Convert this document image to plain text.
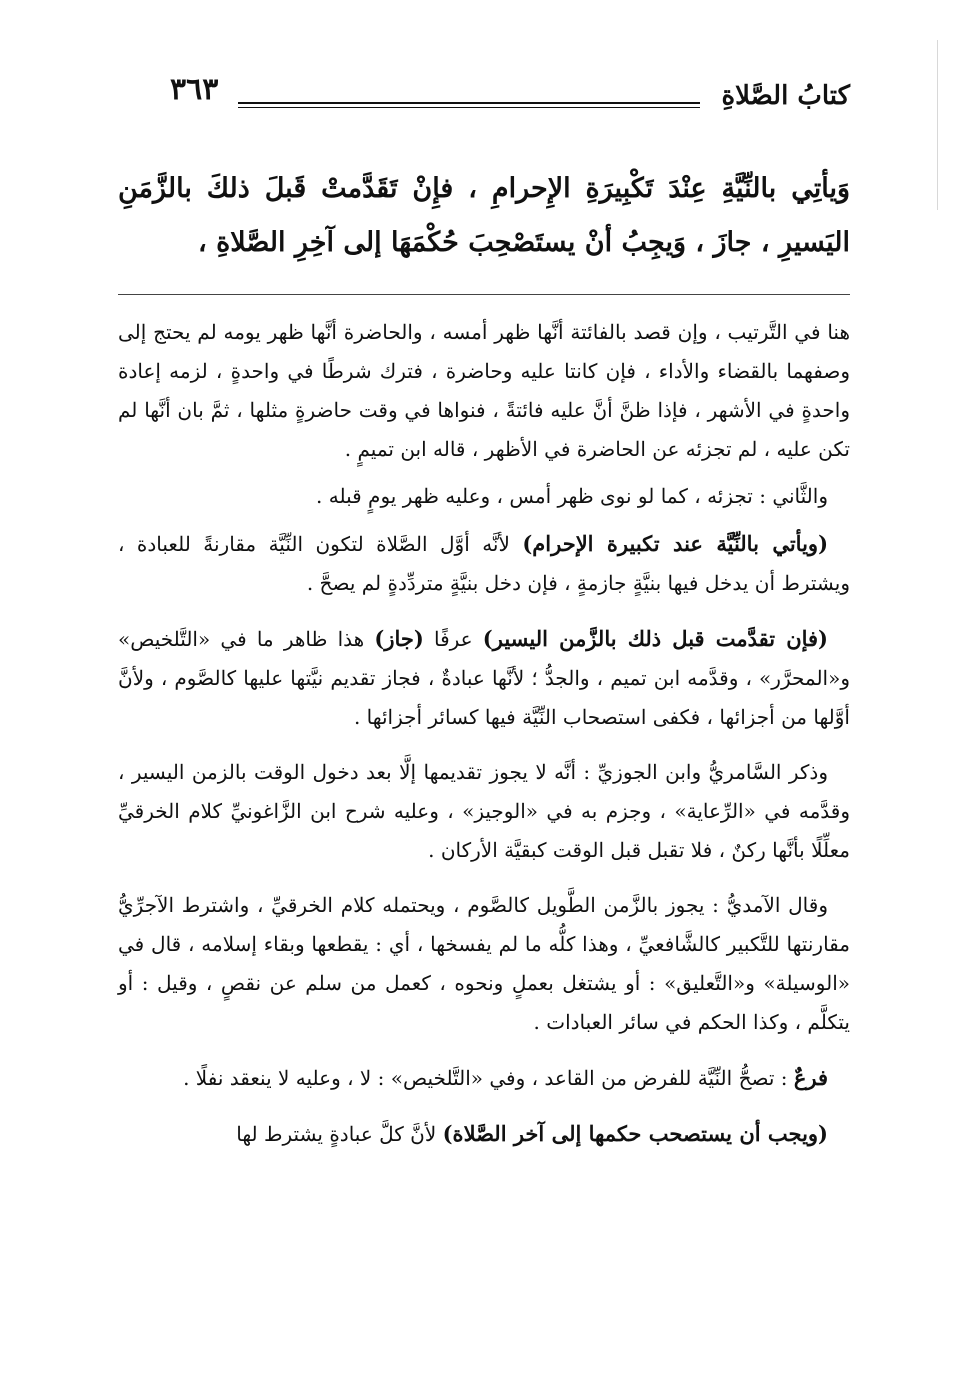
كتابُ الصَّلاةِ
٣٦٣
وَيأتِي بالنِّيَّةِ عِنْدَ تَكْبِيرَةِ الإِحرامِ ، فإِنْ تَقَدَّمتْ قَبلَ ذلكَ بالزَّمَنِ اليَسيرِ ، جازَ ، وَيجِبُ أنْ يستَصْحِبَ حُكْمَهَا إلى آخِرِ الصَّلاةِ ،

هنا في التَّرتيب ، وإن قصد بالفائتة أنَّها ظهر أمسه ، والحاضرة أنَّها ظهر يومه لم يحتج إلى وصفهما بالقضاء والأداء ، فإن كانتا عليه وحاضرة ، فترك شرطًا في واحدةٍ ، لزمه إعادة واحدةٍ في الأشهر ، فإذا ظنَّ أنَّ عليه فائتةً ، فنواها في وقت حاضرةٍ مثلها ، ثمَّ بان أنَّها لم تكن عليه ، لم تجزئه عن الحاضرة في الأظهر ، قاله ابن تميمٍ .

والثَّاني : تجزئه ، كما لو نوى ظهر أمس ، وعليه ظهر يومٍ قبله .

(ويأتي بالنِّيَّة عند تكبيرة الإحرام) لأنَّه أوَّل الصَّلاة لتكون النِّيَّة مقارنةً للعبادة ، ويشترط أن يدخل فيها بنيَّةٍ جازمةٍ ، فإن دخل بنيَّةٍ متردِّدةٍ لم يصحَّ .

(فإن تقدَّمت قبل ذلك بالزَّمن اليسير) عرفًا (جاز) هذا ظاهر ما في «التَّلخيص» و«المحرَّر» ، وقدَّمه ابن تميم ، والجدُّ ؛ لأنَّها عبادةٌ ، فجاز تقديم نيَّتها عليها كالصَّوم ، ولأنَّ أوَّلها من أجزائها ، فكفى استصحاب النِّيَّة فيها كسائر أجزائها .

وذكر السَّامريُّ وابن الجوزيِّ : أنَّه لا يجوز تقديمها إلَّا بعد دخول الوقت بالزمن اليسير ، وقدَّمه في «الرِّعاية» ، وجزم به في «الوجيز» ، وعليه شرح ابن الزَّاغونيِّ كلام الخرقيِّ معلِّلًا بأنَّها ركنٌ ، فلا تقبل قبل الوقت كبقيَّة الأركان .

وقال الآمديُّ : يجوز بالزَّمن الطَّويل كالصَّوم ، ويحتمله كلام الخرقيِّ ، واشترط الآجرِّيُّ مقارنتها للتَّكبير كالشَّافعيِّ ، وهذا كلُّه ما لم يفسخها ، أي : يقطعها وبقاء إسلامه ، قال في «الوسيلة» و«التَّعليق» : أو يشتغل بعملٍ ونحوه ، كعمل من سلم عن نقصٍ ، وقيل : أو يتكلَّم ، وكذا الحكم في سائر العبادات .

فرعٌ : تصحُّ النِّيَّة للفرض من القاعد ، وفي «التَّلخيص» : لا ، وعليه لا ينعقد نفلًا .

(ويجب أن يستصحب حكمها إلى آخر الصَّلاة) لأنَّ كلَّ عبادةٍ يشترط لها
